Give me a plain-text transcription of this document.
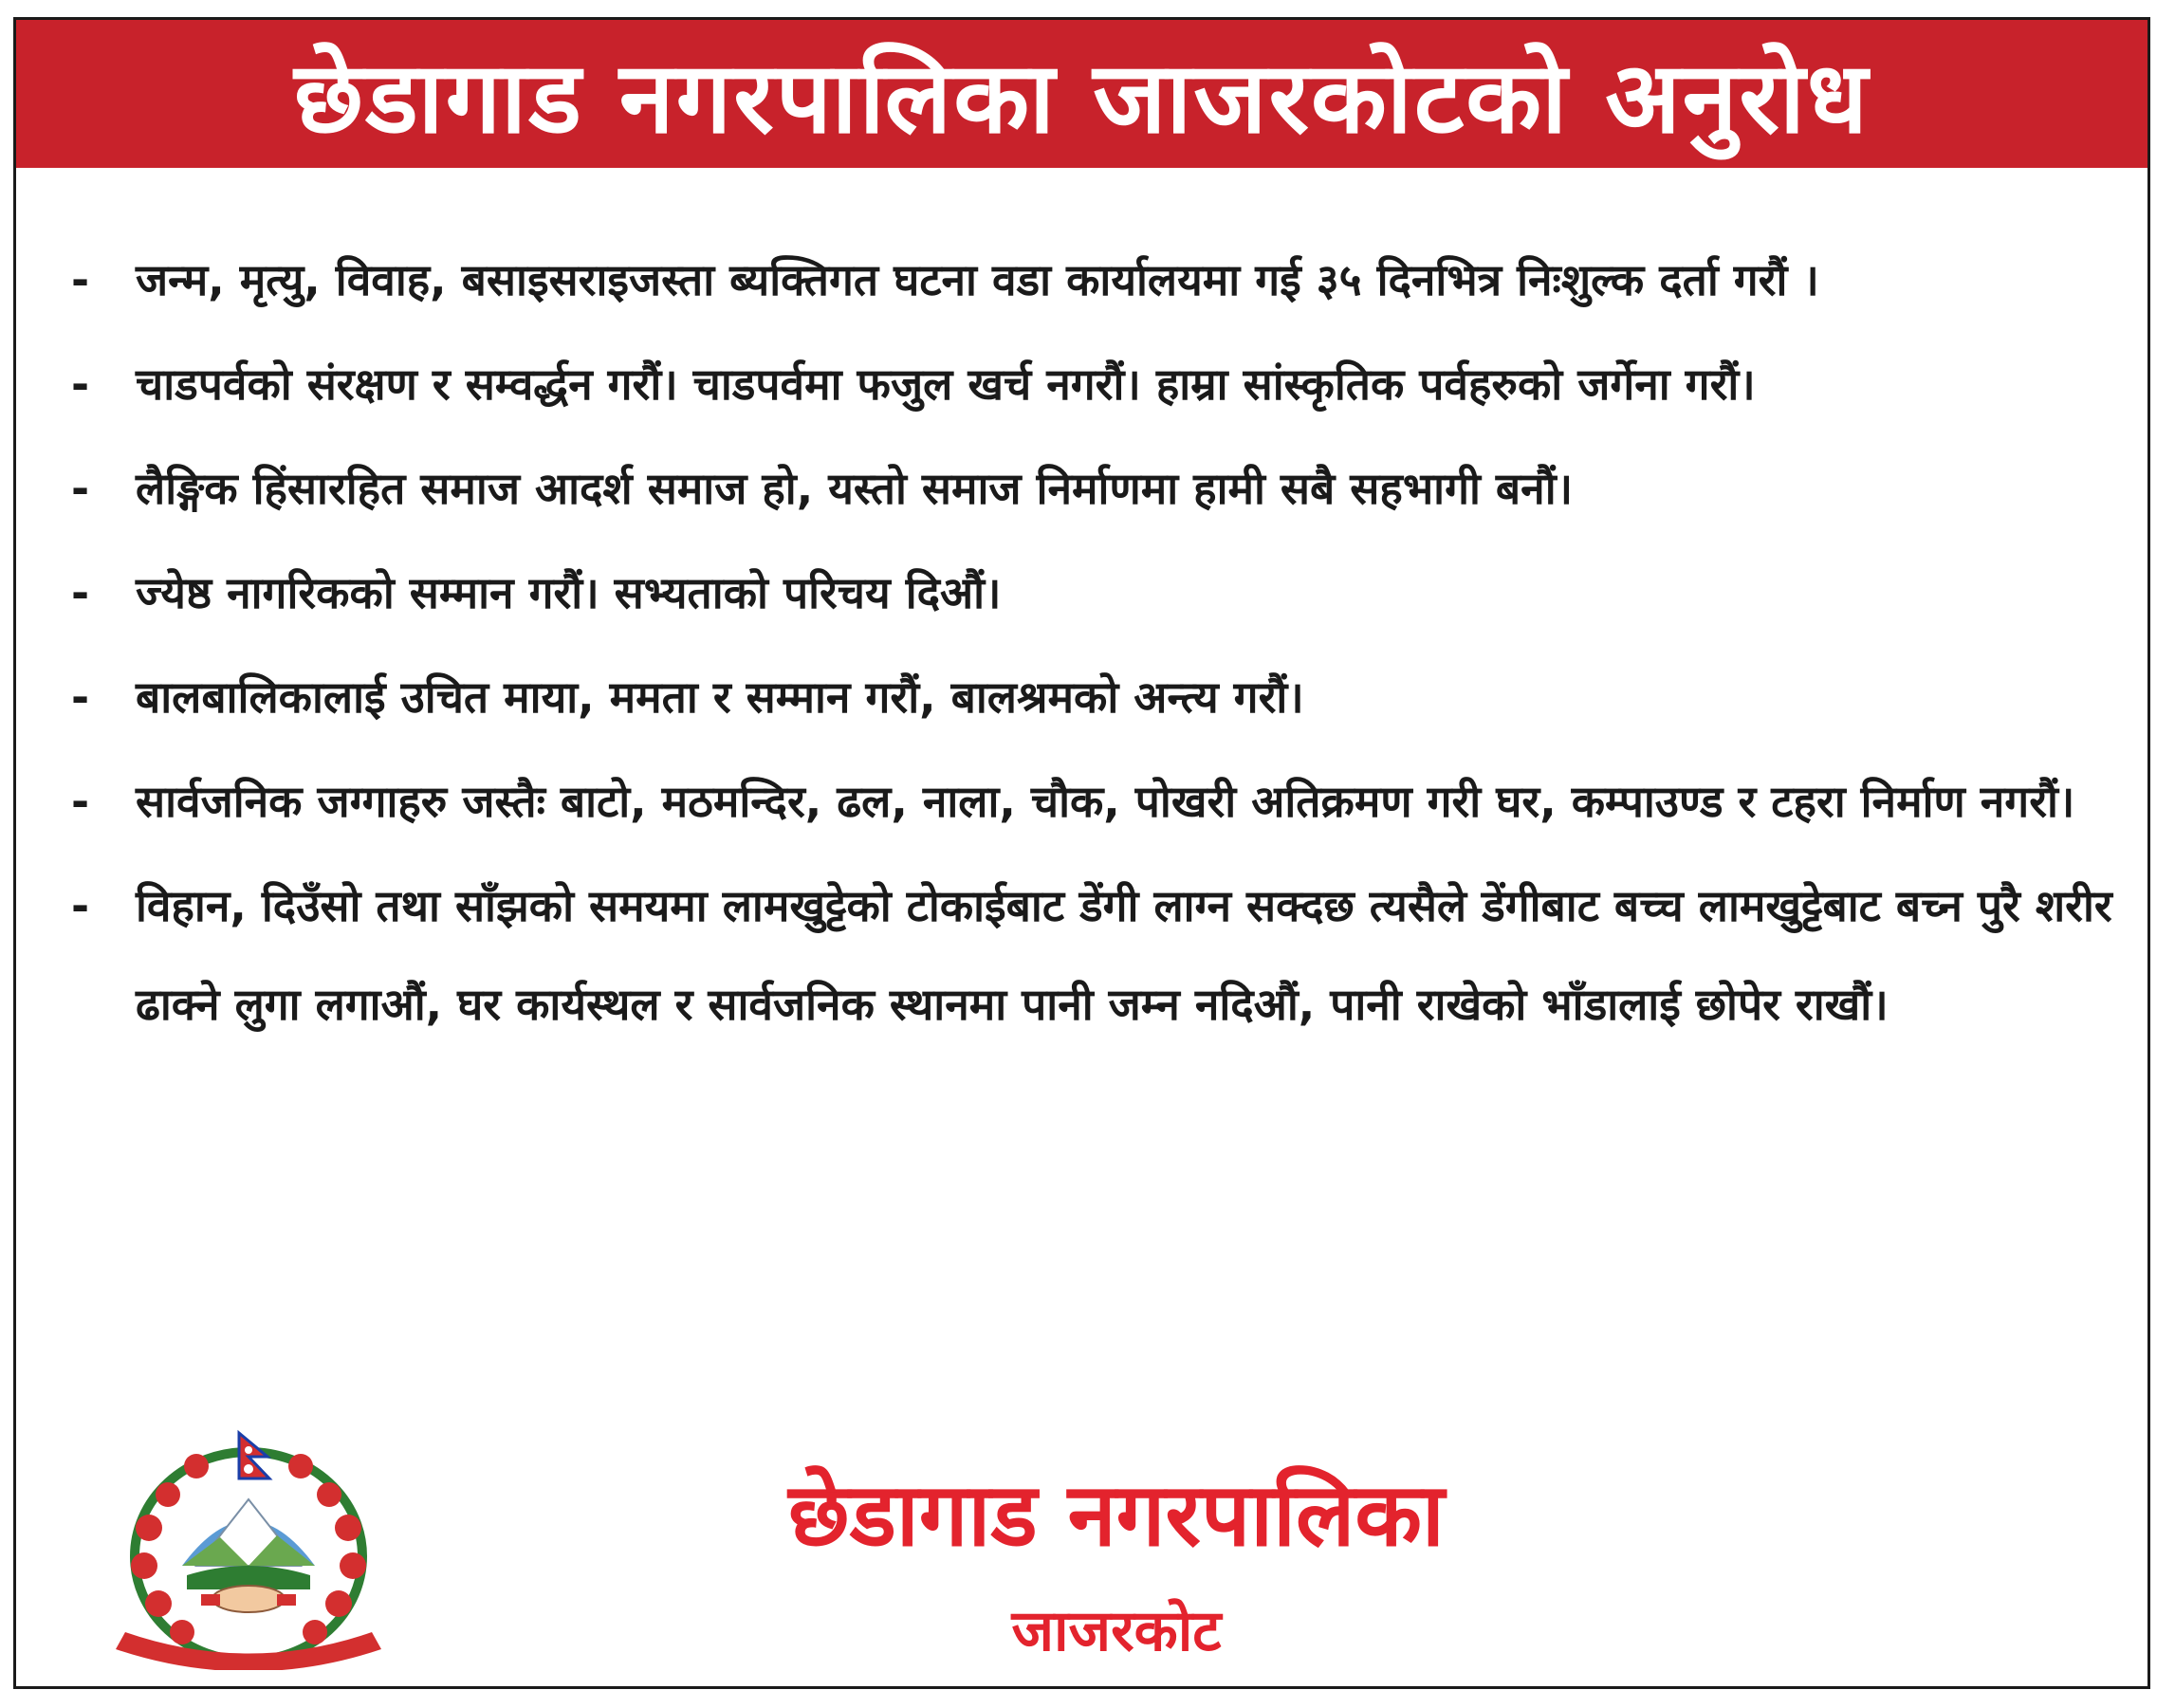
छेडागाड नगरपालिका जाजरकोटको अनुरोध
- जन्म, मृत्यु, विवाह, बसाइसराइजस्ता ब्यक्तिगत घटना वडा कार्यालयमा गई ३५ दिनभित्र निःशुल्क दर्ता गरौं ।
- चाडपर्वको संरक्षण र सम्वर्द्धन गरौं। चाडपर्वमा फजुल खर्च नगरौं। हाम्रा सांस्कृतिक पर्वहरुको जर्गेना गरौं।
- लैङ्गिक हिंसारहित समाज आदर्श समाज हो, यस्तो समाज निर्माणमा हामी सबै सहभागी बनौं।
- ज्येष्ठ नागरिकको सम्मान गरौं। सभ्यताको परिचय दिऔं।
- बालबालिकालाई उचित माया, ममता र सम्मान गरौं, बालश्रमको अन्त्य गरौं।
- सार्वजनिक जग्गाहरु जस्तैः बाटो, मठमन्दिर, ढल, नाला, चौक, पोखरी अतिक्रमण गरी घर, कम्पाउण्ड र टहरा निर्माण नगरौं।
- विहान, दिउँसो तथा साँझको समयमा लामखुट्टेको टोकाईबाट डेंगी लाग्न सक्दछ त्यसैले डेंगीबाट बच्च लामखुट्टेबाट बच्न पुरै शरीर ढाक्ने लुगा लगाऔं, घर कार्यस्थल र सार्वजनिक स्थानमा पानी जम्न नदिऔं, पानी राखेको भाँडालाई छोपेर राखौं।
छेडागाड नगरपालिका
जाजरकोट
